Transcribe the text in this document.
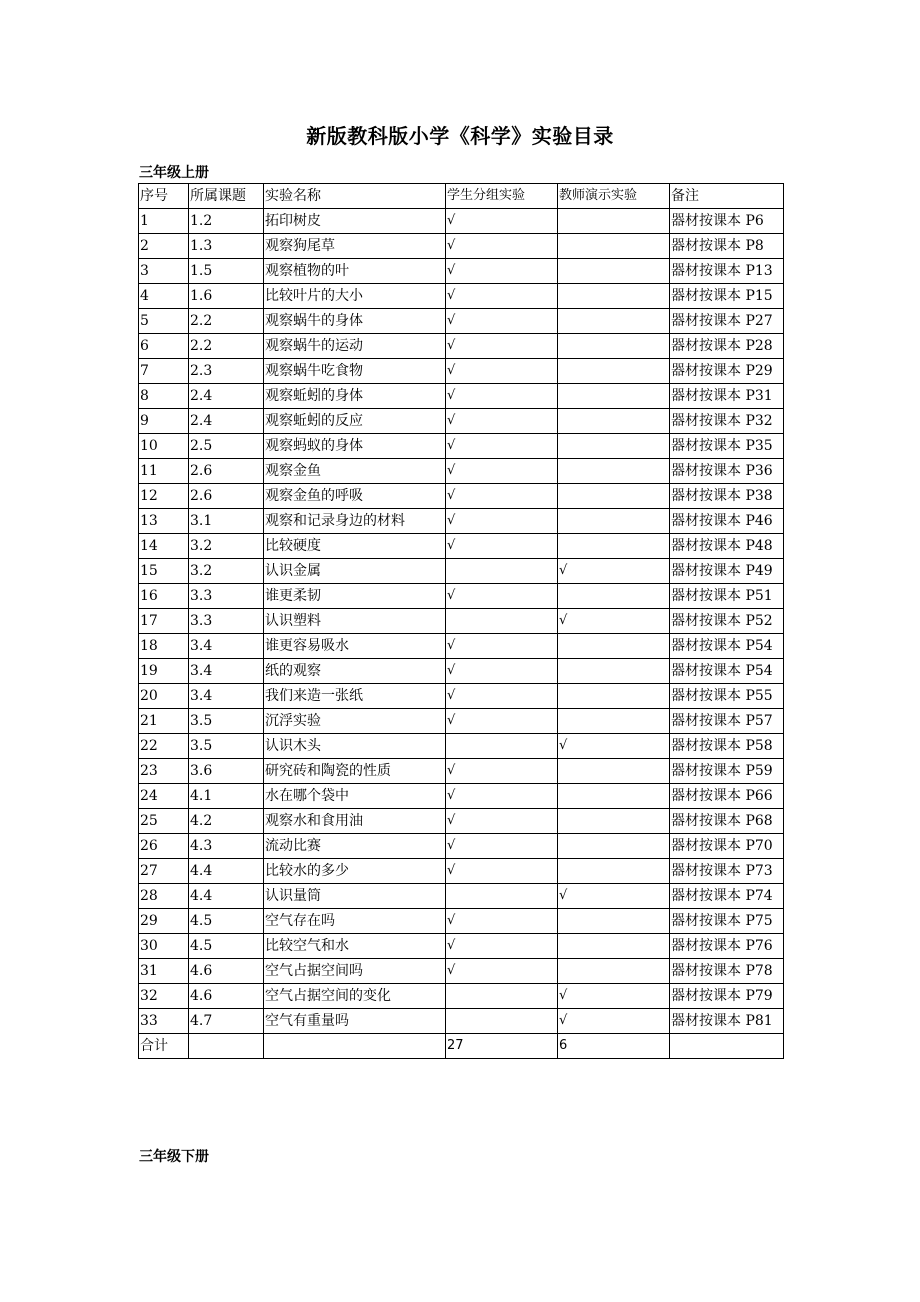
新版教科版小学《科学》实验目录
三年级上册
序号	所属课题	实验名称	学生分组实验	教师演示实验	备注
1	1.2	拓印树皮	√		器材按课本 P6
2	1.3	观察狗尾草	√		器材按课本 P8
3	1.5	观察植物的叶	√		器材按课本 P13
4	1.6	比较叶片的大小	√		器材按课本 P15
5	2.2	观察蜗牛的身体	√		器材按课本 P27
6	2.2	观察蜗牛的运动	√		器材按课本 P28
7	2.3	观察蜗牛吃食物	√		器材按课本 P29
8	2.4	观察蚯蚓的身体	√		器材按课本 P31
9	2.4	观察蚯蚓的反应	√		器材按课本 P32
10	2.5	观察蚂蚁的身体	√		器材按课本 P35
11	2.6	观察金鱼	√		器材按课本 P36
12	2.6	观察金鱼的呼吸	√		器材按课本 P38
13	3.1	观察和记录身边的材料	√		器材按课本 P46
14	3.2	比较硬度	√		器材按课本 P48
15	3.2	认识金属		√	器材按课本 P49
16	3.3	谁更柔韧	√		器材按课本 P51
17	3.3	认识塑料		√	器材按课本 P52
18	3.4	谁更容易吸水	√		器材按课本 P54
19	3.4	纸的观察	√		器材按课本 P54
20	3.4	我们来造一张纸	√		器材按课本 P55
21	3.5	沉浮实验	√		器材按课本 P57
22	3.5	认识木头		√	器材按课本 P58
23	3.6	研究砖和陶瓷的性质	√		器材按课本 P59
24	4.1	水在哪个袋中	√		器材按课本 P66
25	4.2	观察水和食用油	√		器材按课本 P68
26	4.3	流动比赛	√		器材按课本 P70
27	4.4	比较水的多少	√		器材按课本 P73
28	4.4	认识量筒		√	器材按课本 P74
29	4.5	空气存在吗	√		器材按课本 P75
30	4.5	比较空气和水	√		器材按课本 P76
31	4.6	空气占据空间吗	√		器材按课本 P78
32	4.6	空气占据空间的变化		√	器材按课本 P79
33	4.7	空气有重量吗		√	器材按课本 P81
合计			27	6	
三年级下册
